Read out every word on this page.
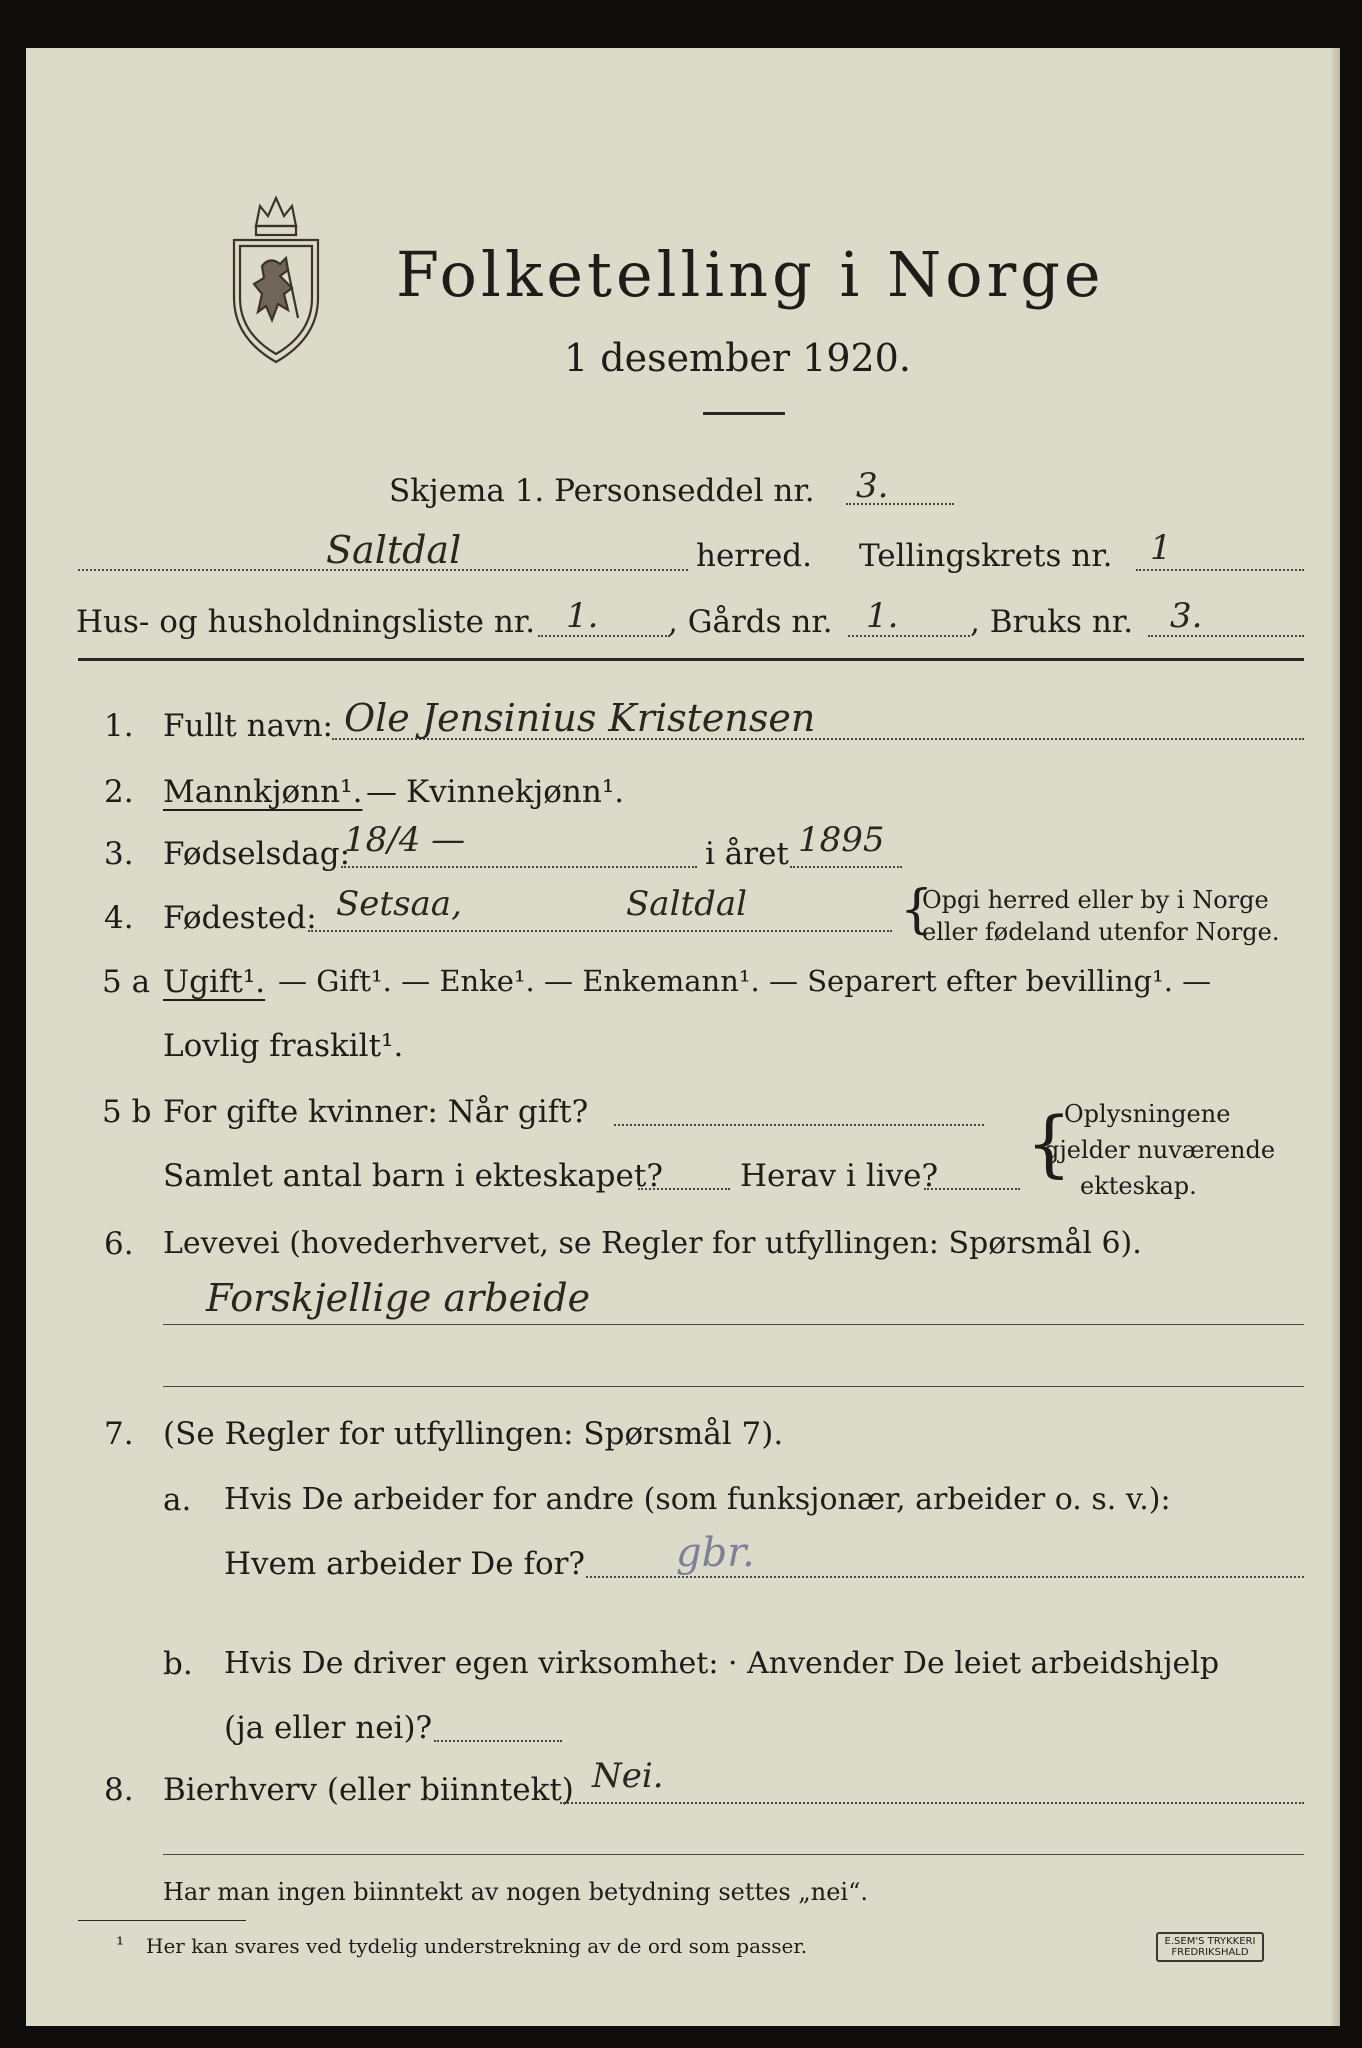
Folketelling i Norge
1 desember 1920.
Skjema 1. Personseddel nr. 3.
Saltdal	herred. Tellingskrets nr. 1
Hus- og husholdningsliste nr. 1. , Gårds nr. 1. , Bruks nr. 3.
1. Fullt navn: Ole Jensinius Kristensen
2. Mannkjønn¹. — Kvinnekjønn¹.
3. Fødselsdag:
18/4 —	i året 1895
4. Fødested: Setsaa,	Saltdal	{
Opgi herred eller by i Norge
eller fødeland utenfor Norge.
5 a Ugift¹. — Gift¹. — Enke¹. — Enkemann¹. — Separert efter bevilling¹. —
Lovlig fraskilt¹.
5 b For gifte kvinner: Når gift?
Samlet antal barn i ekteskapet? Herav i live? {
Oplysningene
gjelder nuværende
ekteskap.
6. Levevei (hovederhvervet, se Regler for utfyllingen: Spørsmål 6).
Forskjellige arbeide
7. (Se Regler for utfyllingen: Spørsmål 7).
a. Hvis De arbeider for andre (som funksjonær, arbeider o. s. v.):
Hvem arbeider De for? gbr.
b. Hvis De driver egen virksomhet: · Anvender De leiet arbeidshjelp
(ja eller nei)?
8. Bierhverv (eller biinntekt) Nei.
Har man ingen biinntekt av nogen betydning settes „nei“.
¹ Her kan svares ved tydelig understrekning av de ord som passer.	E.SEM'S TRYKKERI FREDRIKSHALD
